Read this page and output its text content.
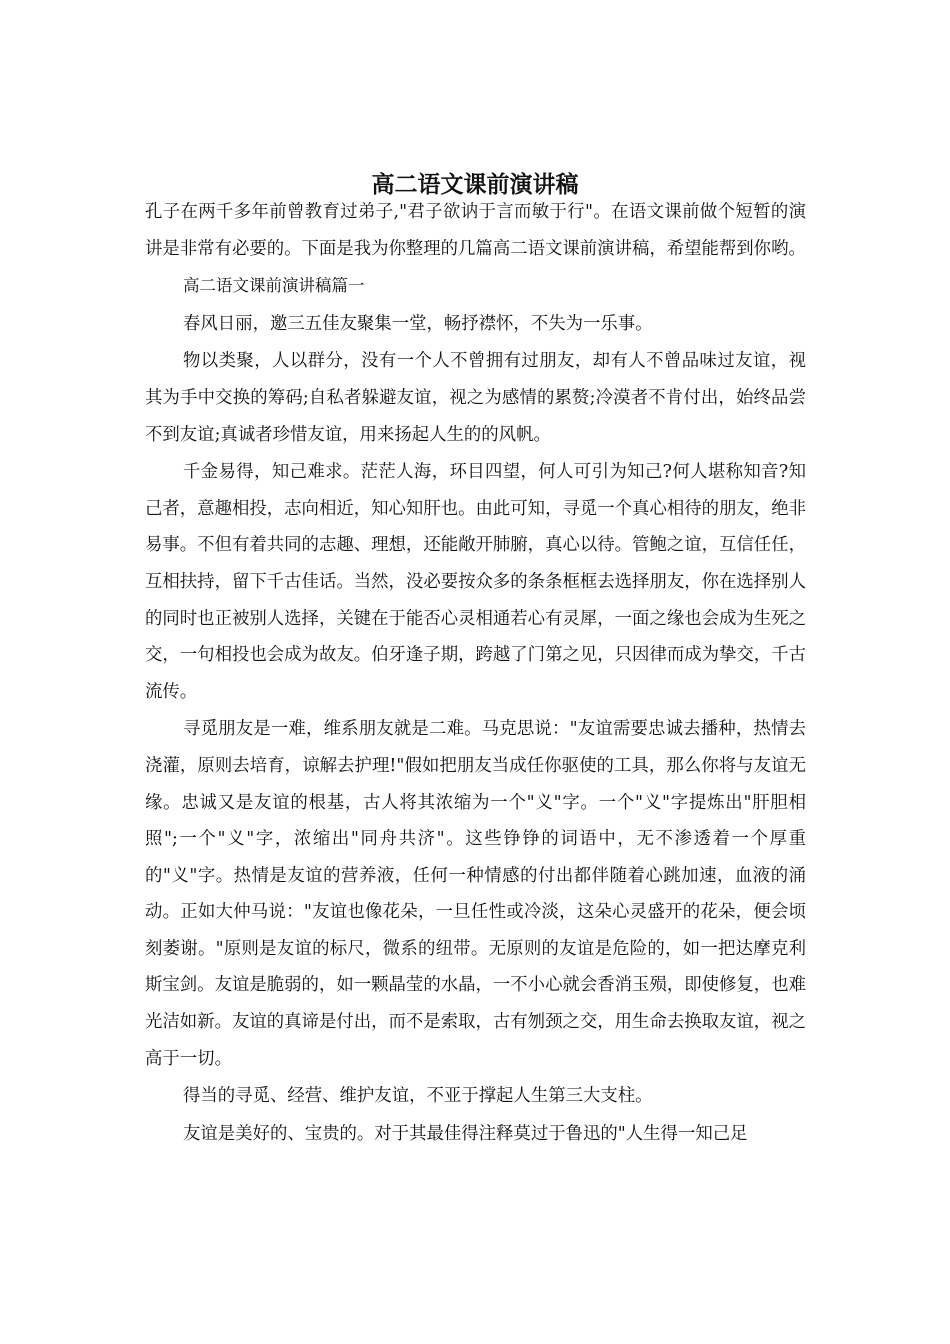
高二语文课前演讲稿

孔子在两千多年前曾教育过弟子,"君子欲讷于言而敏于行"。在语文课前做个短暂的演讲是非常有必要的。下面是我为你整理的几篇高二语文课前演讲稿，希望能帮到你哟。

高二语文课前演讲稿篇一

春风日丽，邀三五佳友聚集一堂，畅抒襟怀，不失为一乐事。

物以类聚，人以群分，没有一个人不曾拥有过朋友，却有人不曾品味过友谊，视其为手中交换的筹码;自私者躲避友谊，视之为感情的累赘;冷漠者不肯付出，始终品尝不到友谊;真诚者珍惜友谊，用来扬起人生的的风帆。

千金易得，知己难求。茫茫人海，环目四望，何人可引为知己?何人堪称知音?知己者，意趣相投，志向相近，知心知肝也。由此可知，寻觅一个真心相待的朋友，绝非易事。不但有着共同的志趣、理想，还能敞开肺腑，真心以待。管鲍之谊，互信任任，互相扶持，留下千古佳话。当然，没必要按众多的条条框框去选择朋友，你在选择别人的同时也正被别人选择，关键在于能否心灵相通若心有灵犀，一面之缘也会成为生死之交，一句相投也会成为故友。伯牙逢子期，跨越了门第之见，只因律而成为挚交，千古流传。

寻觅朋友是一难，维系朋友就是二难。马克思说："友谊需要忠诚去播种，热情去浇灌，原则去培育，谅解去护理!"假如把朋友当成任你驱使的工具，那么你将与友谊无缘。忠诚又是友谊的根基，古人将其浓缩为一个"义"字。一个"义"字提炼出"肝胆相照";一个"义"字，浓缩出"同舟共济"。这些铮铮的词语中，无不渗透着一个厚重的"义"字。热情是友谊的营养液，任何一种情感的付出都伴随着心跳加速，血液的涌动。正如大仲马说："友谊也像花朵，一旦任性或冷淡，这朵心灵盛开的花朵，便会顷刻萎谢。"原则是友谊的标尺，微系的纽带。无原则的友谊是危险的，如一把达摩克利斯宝剑。友谊是脆弱的，如一颗晶莹的水晶，一不小心就会香消玉殒，即使修复，也难光洁如新。友谊的真谛是付出，而不是索取，古有刎颈之交，用生命去换取友谊，视之高于一切。

得当的寻觅、经营、维护友谊，不亚于撑起人生第三大支柱。

友谊是美好的、宝贵的。对于其最佳得注释莫过于鲁迅的"人生得一知己足
